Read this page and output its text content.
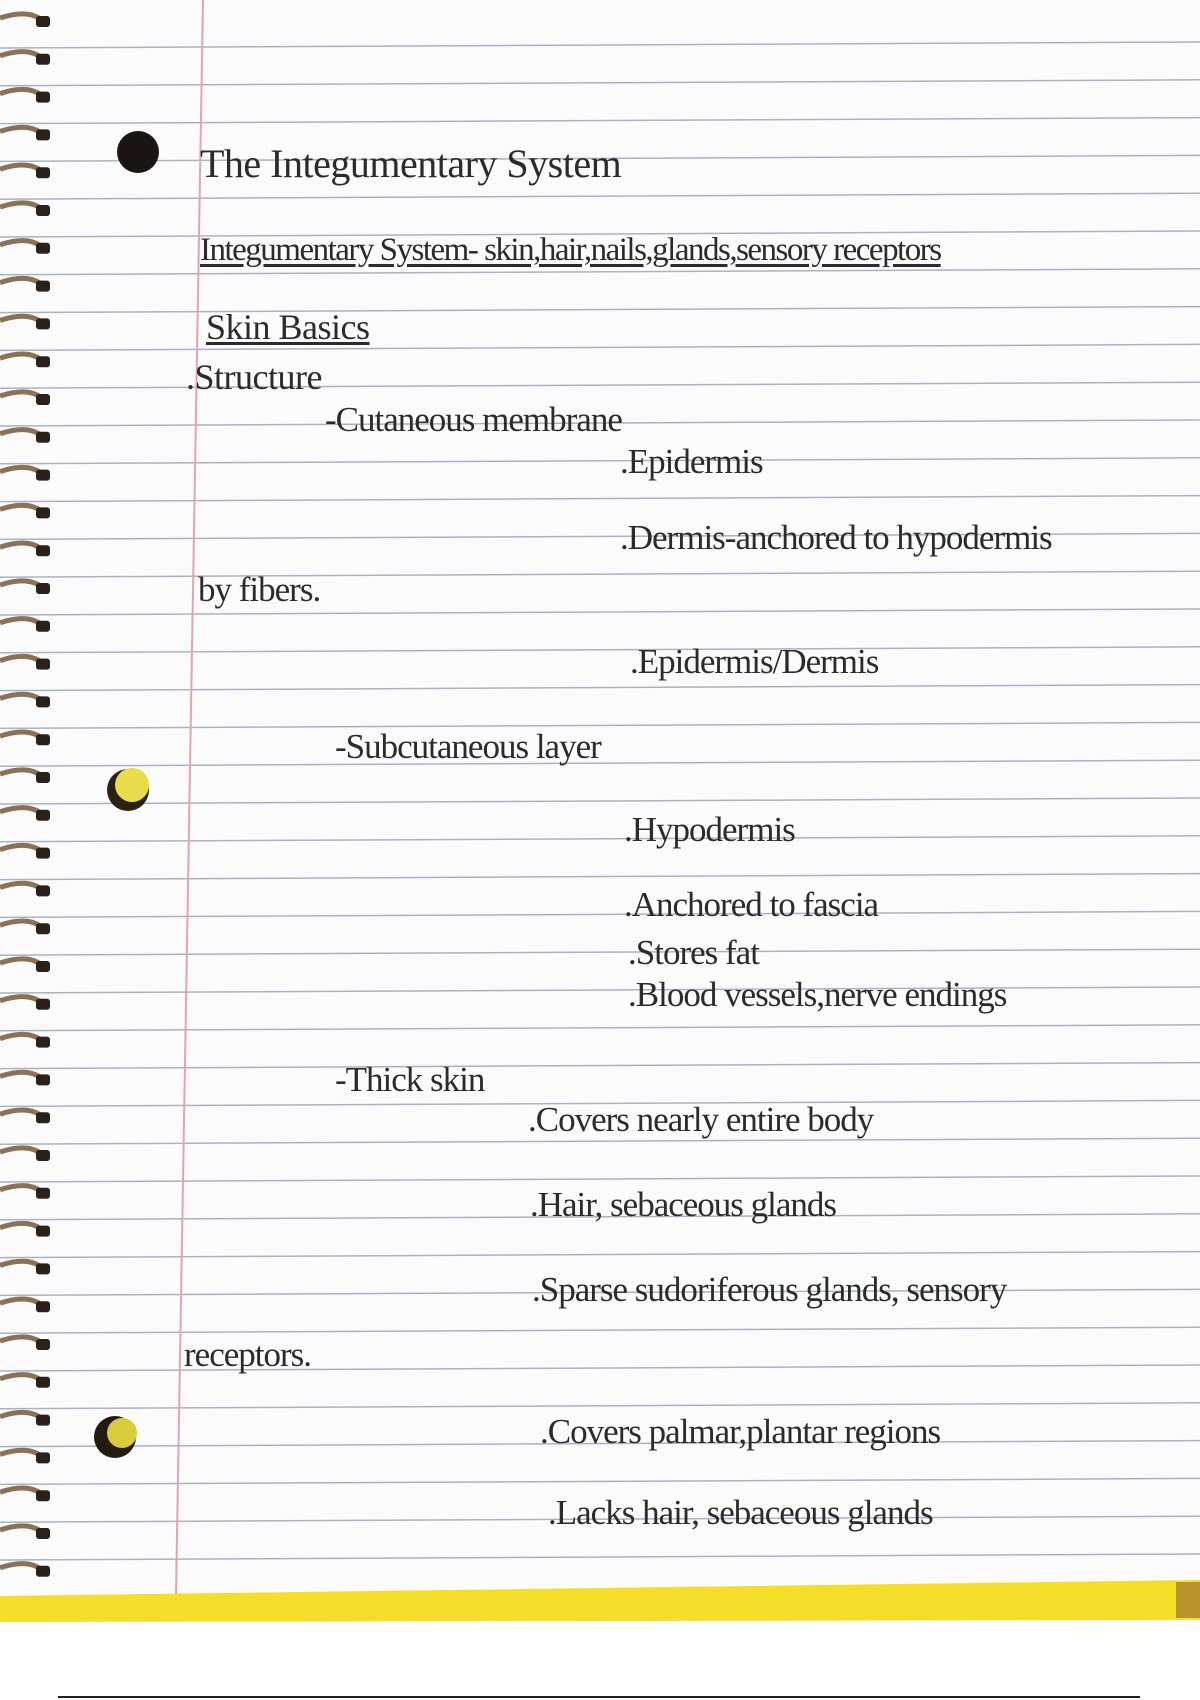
The Integumentary System
Integumentary System- skin,hair,nails,glands,sensory receptors
Skin Basics
.Structure
-Cutaneous membrane
.Epidermis
.Dermis-anchored to hypodermis
by fibers.
.Epidermis/Dermis
-Subcutaneous layer
.Hypodermis
.Anchored to fascia
.Stores fat
.Blood vessels,nerve endings
-Thick skin
.Covers nearly entire body
.Hair, sebaceous glands
.Sparse sudoriferous glands, sensory
receptors.
.Covers palmar,plantar regions
.Lacks hair, sebaceous glands
